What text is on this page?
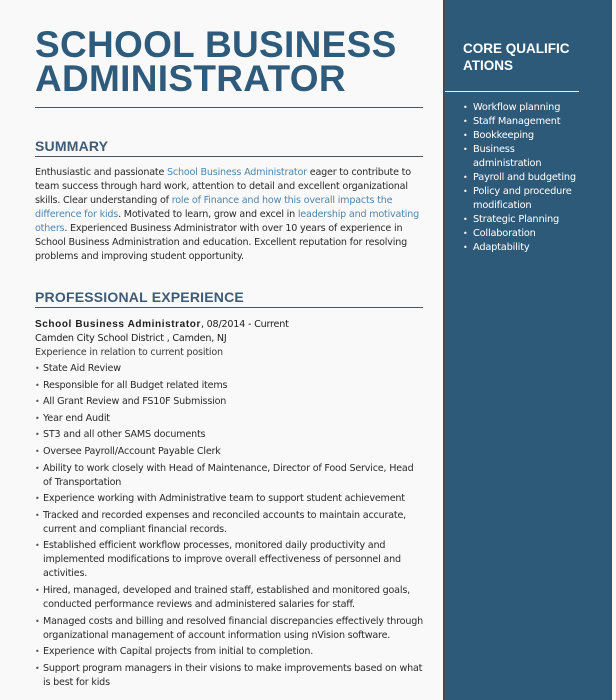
SCHOOL BUSINESS
ADMINISTRATOR
SUMMARY

Enthusiastic and passionate School Business Administrator eager to contribute to team success through hard work, attention to detail and excellent organizational skills. Clear understanding of role of Finance and how this overall impacts the difference for kids. Motivated to learn, grow and excel in leadership and motivating others. Experienced Business Administrator with over 10 years of experience in School Business Administration and education. Excellent reputation for resolving problems and improving student opportunity.

PROFESSIONAL EXPERIENCE
School Business Administrator, 08/2014 - Current
Camden City School District , Camden, NJ
Experience in relation to current position
• State Aid Review
• Responsible for all Budget related items
• All Grant Review and FS10F Submission
• Year end Audit
• ST3 and all other SAMS documents
• Oversee Payroll/Account Payable Clerk
• Ability to work closely with Head of Maintenance, Director of Food Service, Head of Transportation
• Experience working with Administrative team to support student achievement
• Tracked and recorded expenses and reconciled accounts to maintain accurate, current and compliant financial records.
• Established efficient workflow processes, monitored daily productivity and implemented modifications to improve overall effectiveness of personnel and activities.
• Hired, managed, developed and trained staff, established and monitored goals, conducted performance reviews and administered salaries for staff.
• Managed costs and billing and resolved financial discrepancies effectively through organizational management of account information using nVision software.
• Experience with Capital projects from initial to completion.
• Support program managers in their visions to make improvements based on what is best for kids
CORE QUALIFICATIONS
• Workflow planning
• Staff Management
• Bookkeeping
• Business administration
• Payroll and budgeting
• Policy and procedure modification
• Strategic Planning
• Collaboration
• Adaptability
